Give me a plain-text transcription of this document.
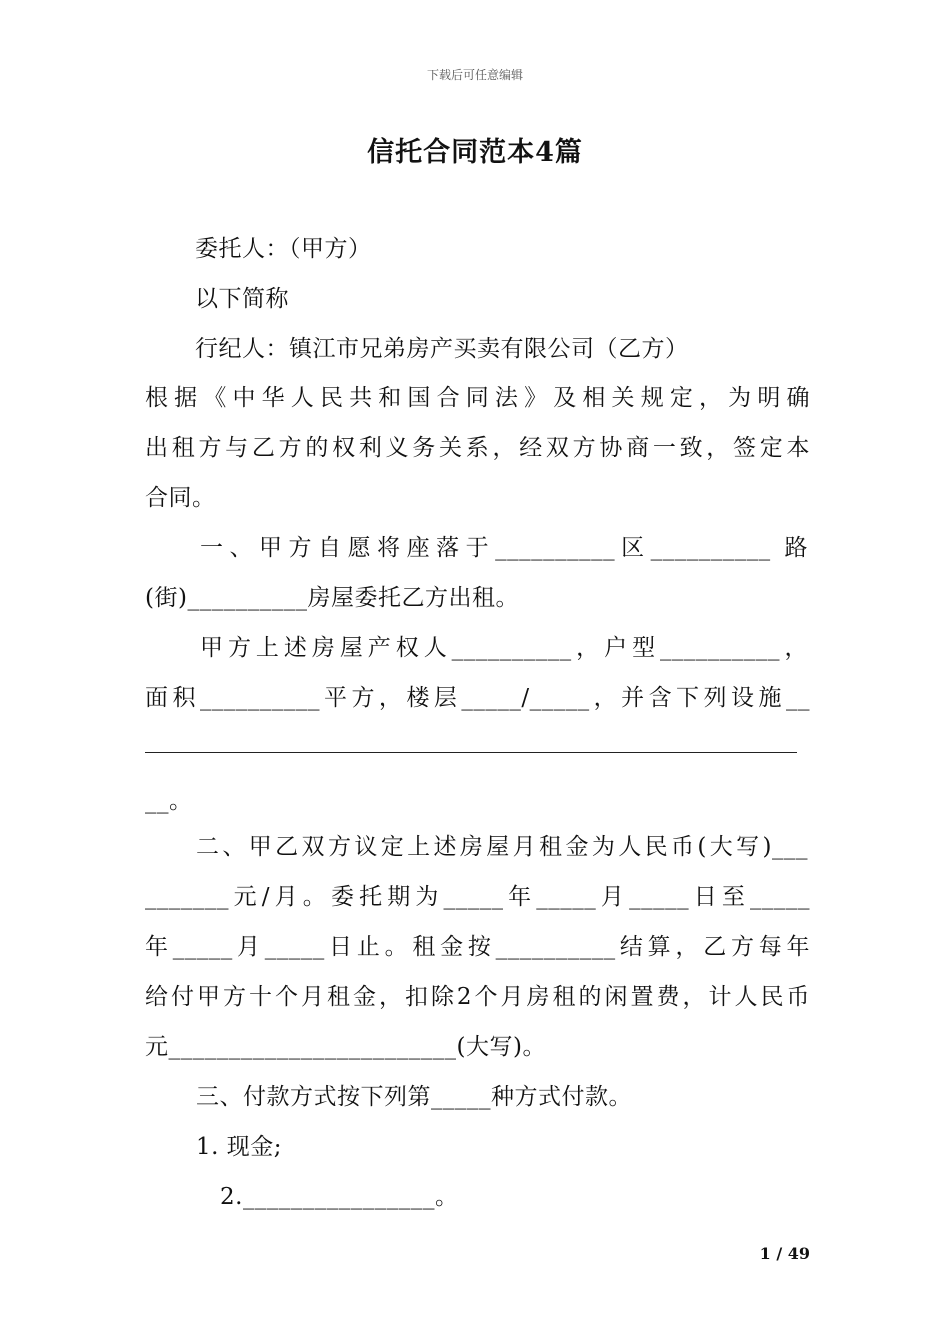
下载后可任意编辑
信托合同范本4篇
委托人：（甲方）
以下简称
行纪人：镇江市兄弟房产买卖有限公司（乙方）
根据《中华人民共和国合同法》及相关规定，为明确
出租方与乙方的权利义务关系，经双方协商一致，签定本
合同。
一、甲方自愿将座落于__________区__________ 路
(街)__________房屋委托乙方出租。
甲方上述房屋产权人__________，户型__________，
面积__________平方，楼层_____/_____，并含下列设施__
__。
二、甲乙双方议定上述房屋月租金为人民币(大写)___
_______元/月。委托期为_____年_____月_____日至_____
年_____月_____日止。租金按__________结算，乙方每年
给付甲方十个月租金，扣除2个月房租的闲置费，计人民币
元________________________(大写)。
三、付款方式按下列第_____种方式付款。
1. 现金;
2.________________。
1 / 49
